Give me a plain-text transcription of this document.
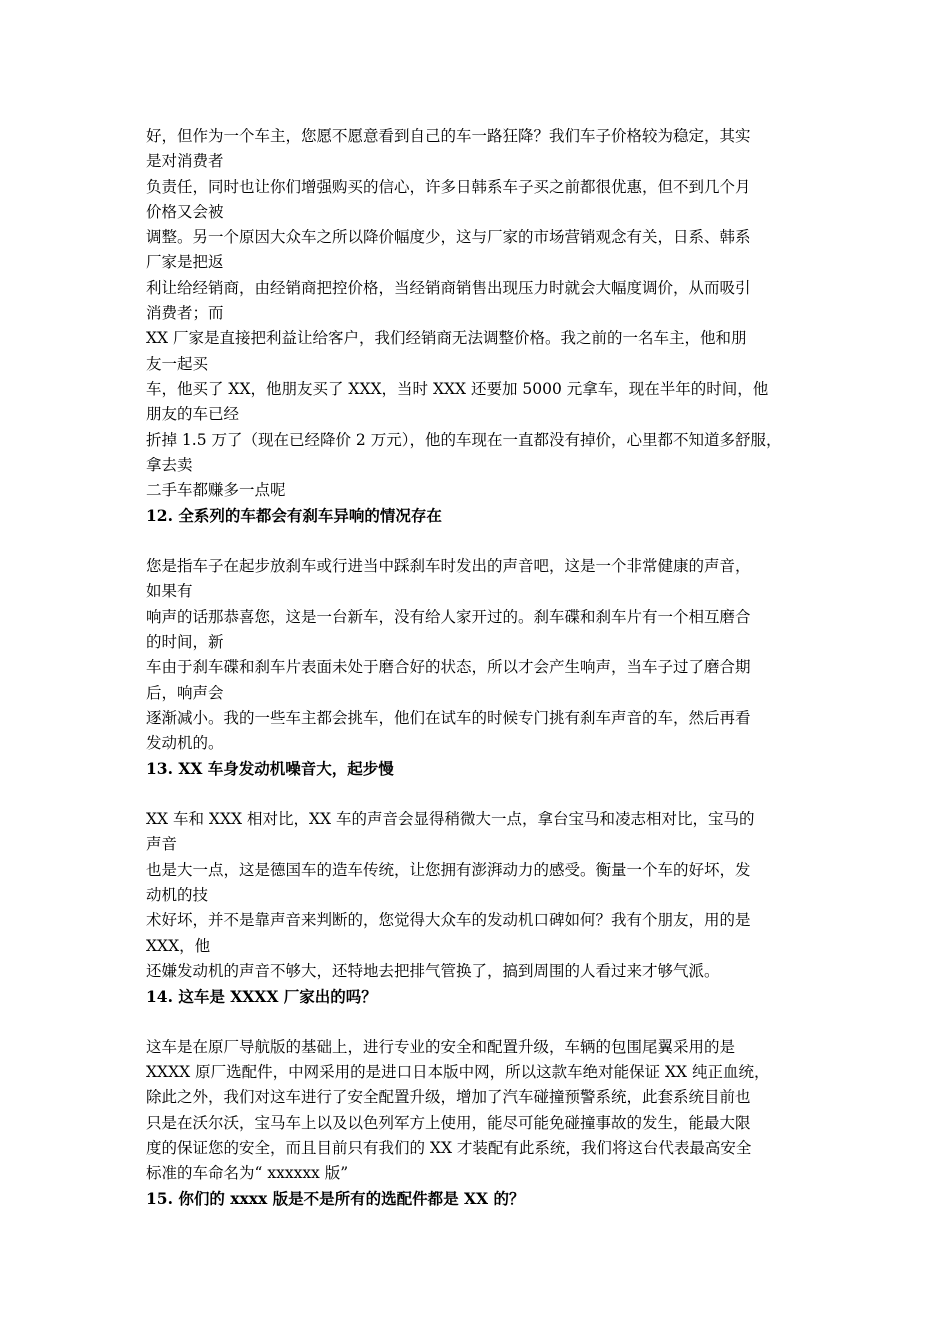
好，但作为一个车主，您愿不愿意看到自己的车一路狂降？我们车子价格较为稳定，其实
是对消费者
负责任，同时也让你们增强购买的信心，许多日韩系车子买之前都很优惠，但不到几个月
价格又会被
调整。另一个原因大众车之所以降价幅度少，这与厂家的市场营销观念有关，日系、韩系
厂家是把返
利让给经销商，由经销商把控价格，当经销商销售出现压力时就会大幅度调价，从而吸引
消费者；而
XX 厂家是直接把利益让给客户，我们经销商无法调整价格。我之前的一名车主，他和朋
友一起买
车，他买了 XX，他朋友买了 XXX，当时 XXX 还要加 5000 元拿车，现在半年的时间，他
朋友的车已经
折掉 1.5 万了（现在已经降价 2 万元），他的车现在一直都没有掉价，心里都不知道多舒服，
拿去卖
二手车都赚多一点呢
12. 全系列的车都会有刹车异响的情况存在
您是指车子在起步放刹车或行进当中踩刹车时发出的声音吧，这是一个非常健康的声音，
如果有
响声的话那恭喜您，这是一台新车，没有给人家开过的。刹车碟和刹车片有一个相互磨合
的时间，新
车由于刹车碟和刹车片表面未处于磨合好的状态，所以才会产生响声，当车子过了磨合期
后，响声会
逐渐减小。我的一些车主都会挑车，他们在试车的时候专门挑有刹车声音的车，然后再看
发动机的。
13. XX 车身发动机噪音大，起步慢
XX 车和 XXX 相对比，XX 车的声音会显得稍微大一点，拿台宝马和凌志相对比，宝马的
声音
也是大一点，这是德国车的造车传统，让您拥有澎湃动力的感受。衡量一个车的好坏，发
动机的技
术好坏，并不是靠声音来判断的，您觉得大众车的发动机口碑如何？我有个朋友，用的是
XXX，他
还嫌发动机的声音不够大，还特地去把排气管换了，搞到周围的人看过来才够气派。
14. 这车是 XXXX 厂家出的吗？
这车是在原厂导航版的基础上，进行专业的安全和配置升级，车辆的包围尾翼采用的是
XXXX 原厂选配件，中网采用的是进口日本版中网，所以这款车绝对能保证 XX 纯正血统，
除此之外，我们对这车进行了安全配置升级，增加了汽车碰撞预警系统，此套系统目前也
只是在沃尔沃，宝马车上以及以色列军方上使用，能尽可能免碰撞事故的发生，能最大限
度的保证您的安全，而且目前只有我们的 XX 才装配有此系统，我们将这台代表最高安全
标准的车命名为“ xxxxxx 版”
15. 你们的 xxxx 版是不是所有的选配件都是 XX 的？
